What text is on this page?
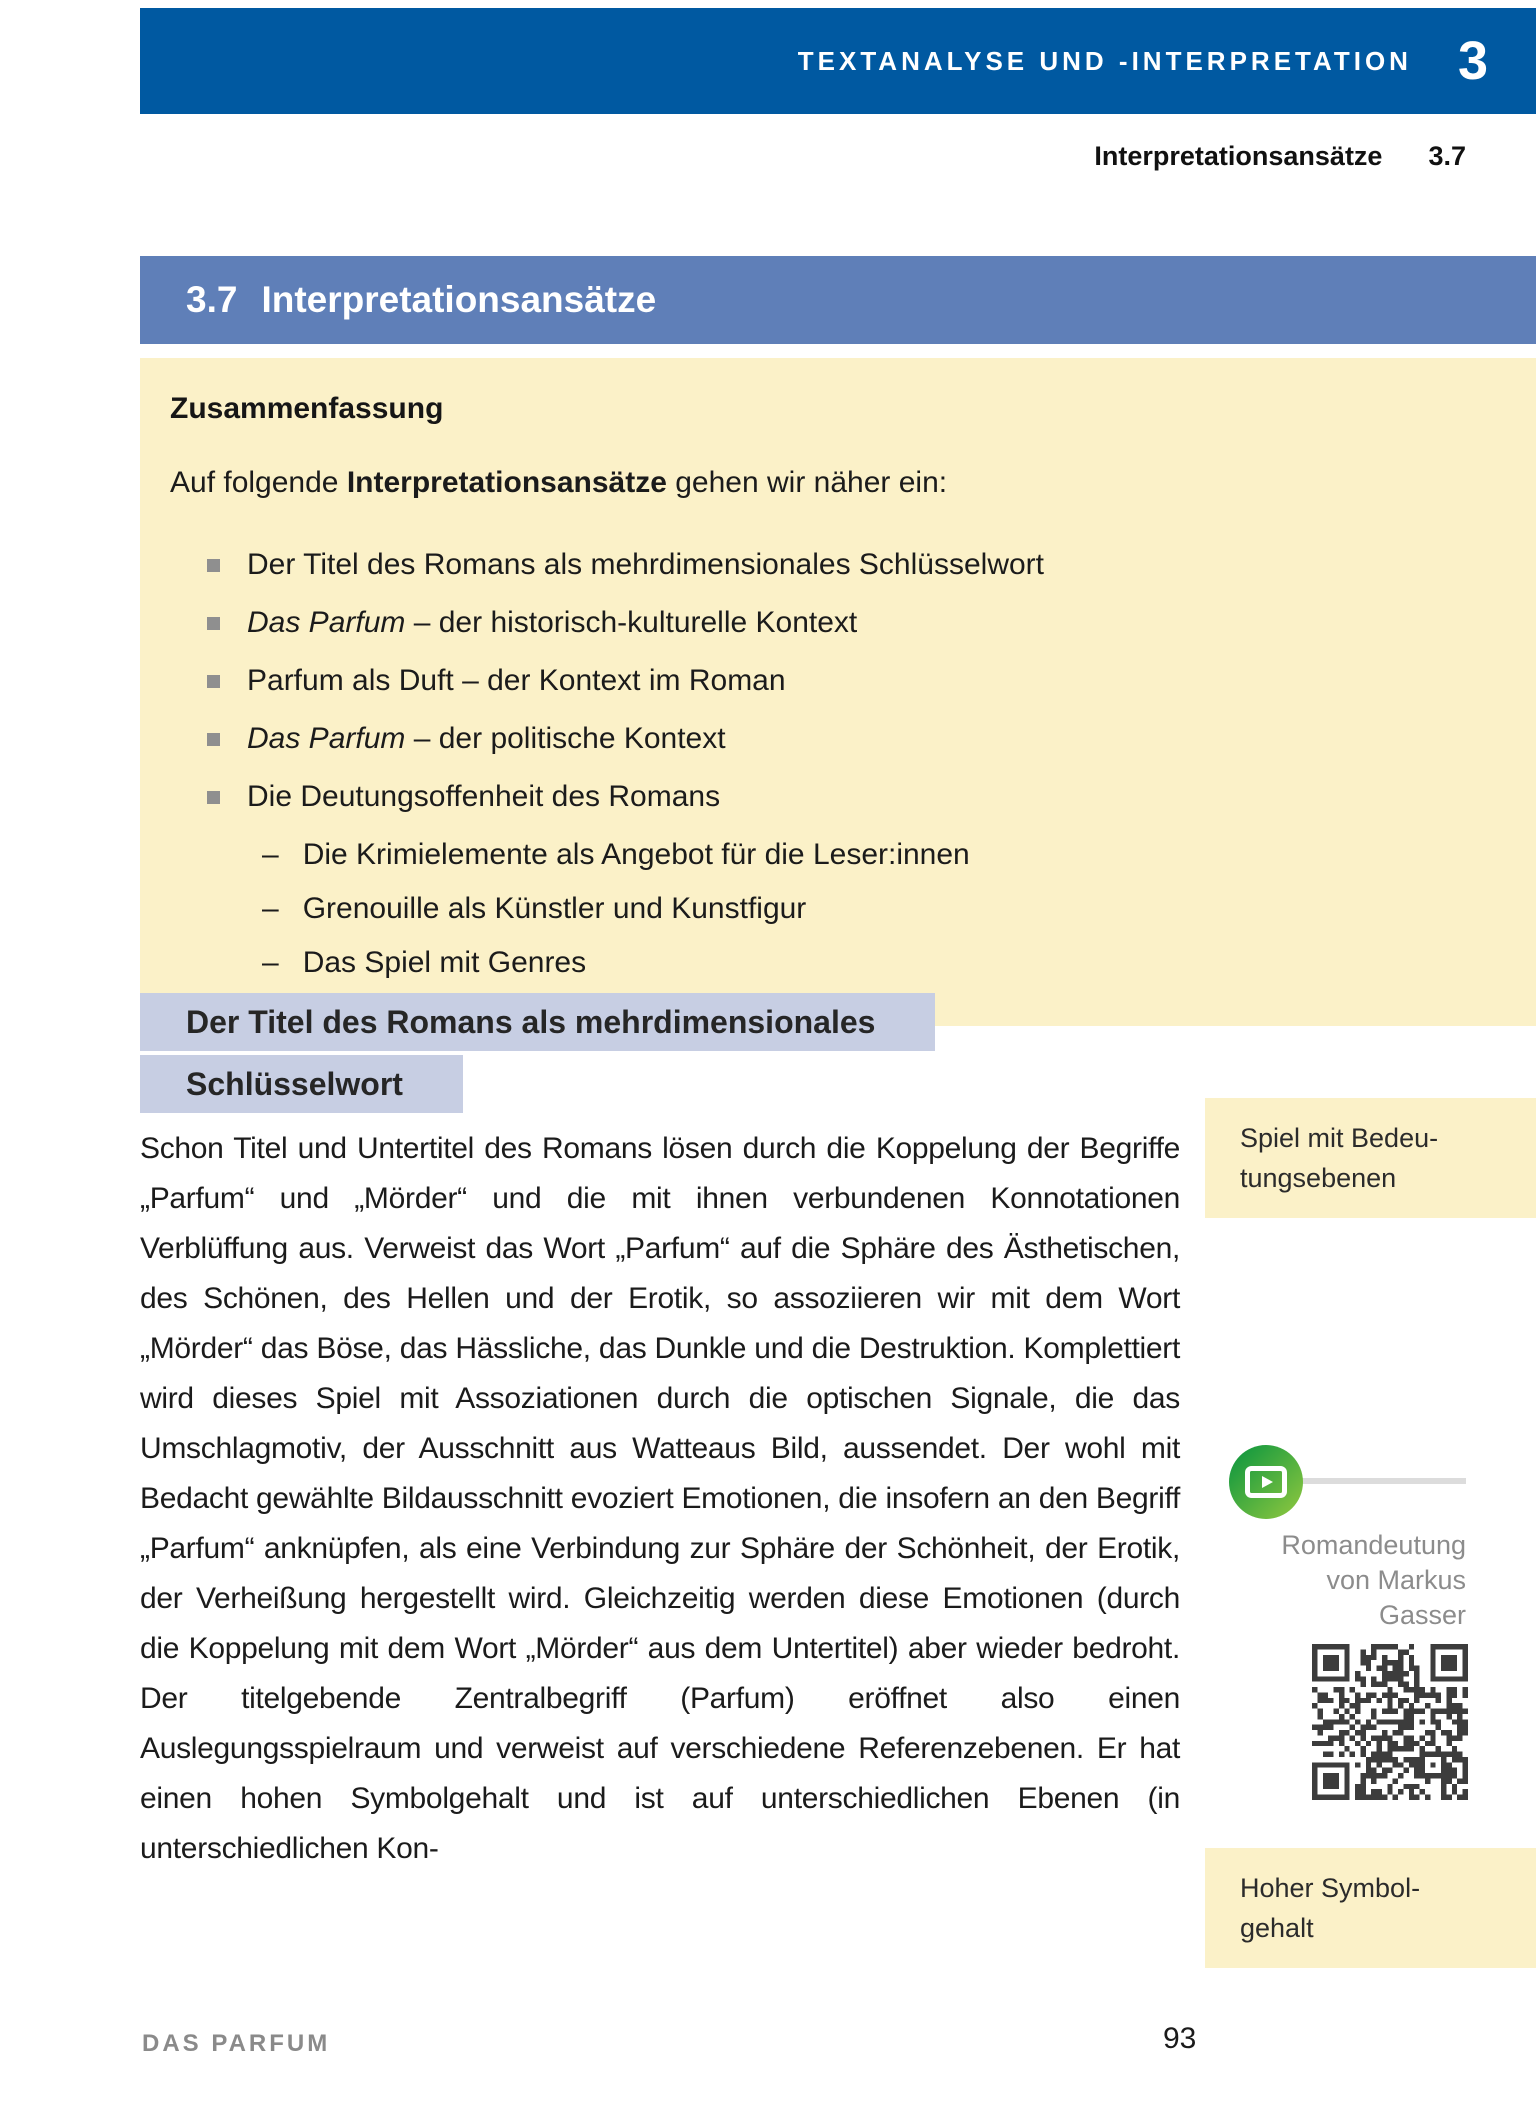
TEXTANALYSE UND -INTERPRETATION 3
Interpretationsansätze 3.7
3.7 Interpretationsansätze
Zusammenfassung
Auf folgende Interpretationsansätze gehen wir näher ein:
Der Titel des Romans als mehrdimensionales Schlüsselwort
Das Parfum – der historisch-kulturelle Kontext
Parfum als Duft – der Kontext im Roman
Das Parfum – der politische Kontext
Die Deutungsoffenheit des Romans
– Die Krimielemente als Angebot für die Leser:innen
– Grenouille als Künstler und Kunstfigur
– Das Spiel mit Genres
Der Titel des Romans als mehrdimensionales
Schlüsselwort
Schon Titel und Untertitel des Romans lösen durch die Koppelung der Begriffe „Parfum“ und „Mörder“ und die mit ihnen verbundenen Konnotationen Verblüffung aus. Verweist das Wort „Parfum“ auf die Sphäre des Ästhetischen, des Schönen, des Hellen und der Erotik, so assoziieren wir mit dem Wort „Mörder“ das Böse, das Hässliche, das Dunkle und die Destruktion. Komplettiert wird dieses Spiel mit Assoziationen durch die optischen Signale, die das Umschlagmotiv, der Ausschnitt aus Watteaus Bild, aussendet. Der wohl mit Bedacht gewählte Bildausschnitt evoziert Emotionen, die insofern an den Begriff „Parfum“ anknüpfen, als eine Verbindung zur Sphäre der Schönheit, der Erotik, der Verheißung hergestellt wird. Gleichzeitig werden diese Emotionen (durch die Koppelung mit dem Wort „Mörder“ aus dem Untertitel) aber wieder bedroht. Der titelgebende Zentralbegriff (Parfum) eröffnet also einen Auslegungsspielraum und verweist auf verschiedene Referenzebenen. Er hat einen hohen Symbolgehalt und ist auf unterschiedlichen Ebenen (in unterschiedlichen Kon-
Spiel mit Bedeu-
tungsebenen
Romandeutung
von Markus
Gasser
Hoher Symbol-
gehalt
DAS PARFUM	93
